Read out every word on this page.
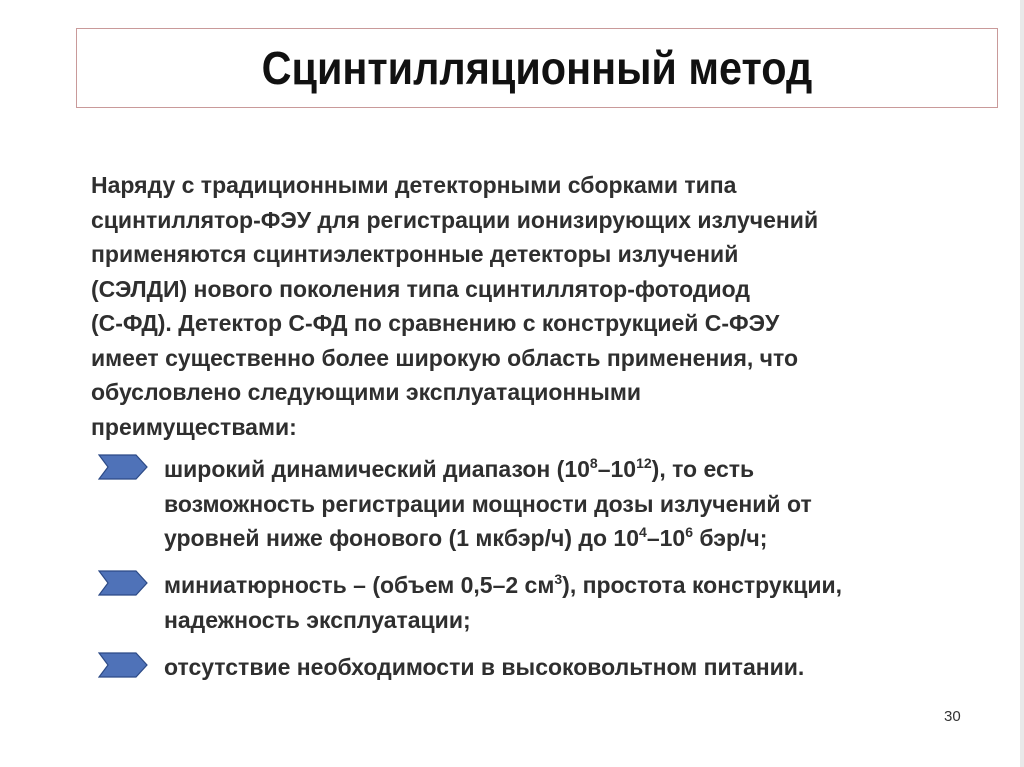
Сцинтилляционный метод

Наряду с традиционными детекторными сборками типа
сцинтиллятор-ФЭУ для регистрации ионизирующих излучений
применяются сцинтиэлектронные детекторы излучений
(СЭЛДИ) нового поколения типа сцинтиллятор-фотодиод
(С-ФД). Детектор С-ФД по сравнению с конструкцией С-ФЭУ
имеет существенно более широкую область применения, что
обусловлено следующими эксплуатационными
преимуществами:

широкий динамический диапазон $(10^8-10^{12})$, то есть
возможность регистрации мощности дозы излучений от
уровней ниже фонового (1 мкбэр/ч) до $10^4-10^6$ бэр/ч;
миниатюрность – (объем 0,5–2 $см^3$), простота конструкции,
надежность эксплуатации;
отсутствие необходимости в высоковольтном питании.
30
